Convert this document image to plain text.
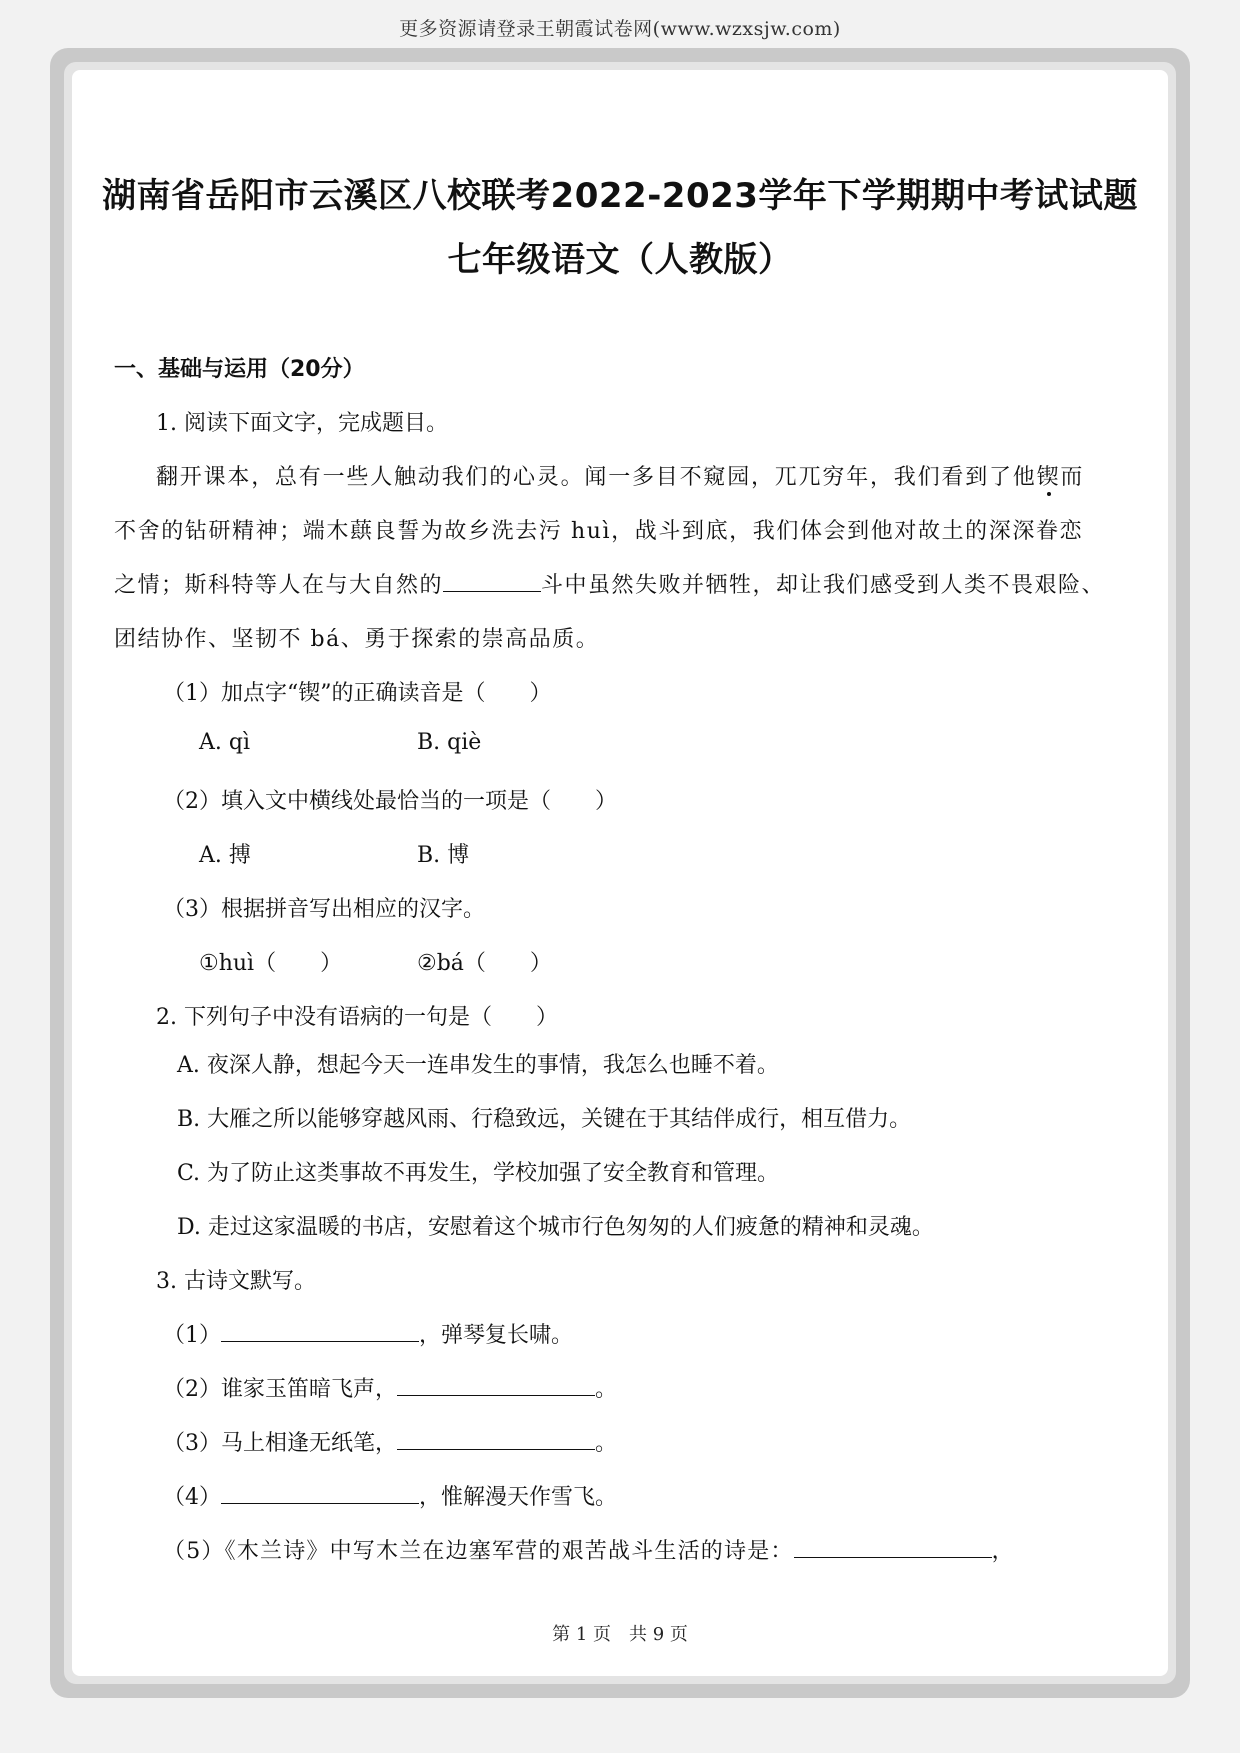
更多资源请登录王朝霞试卷网(www.wzxsjw.com)
湖南省岳阳市云溪区八校联考2022-2023学年下学期期中考试试题
七年级语文（人教版）
一、基础与运用（20分）
1. 阅读下面文字，完成题目。
翻开课本，总有一些人触动我们的心灵。闻一多目不窥园，兀兀穷年，我们看到了他锲而
不舍的钻研精神；端木蕻良誓为故乡洗去污 huì，战斗到底，我们体会到他对故土的深深眷恋
之情；斯科特等人在与大自然的	斗中虽然失败并牺牲，却让我们感受到人类不畏艰险、
团结协作、坚韧不 bá、勇于探索的崇高品质。
（1）加点字“锲”的正确读音是（　　）
A. qì	B. qiè
（2）填入文中横线处最恰当的一项是（　　）
A. 搏	B. 博
（3）根据拼音写出相应的汉字。
①huì（　　）	②bá（　　）
2. 下列句子中没有语病的一句是（　　）
A. 夜深人静，想起今天一连串发生的事情，我怎么也睡不着。
B. 大雁之所以能够穿越风雨、行稳致远，关键在于其结伴成行，相互借力。
C. 为了防止这类事故不再发生，学校加强了安全教育和管理。
D. 走过这家温暖的书店，安慰着这个城市行色匆匆的人们疲惫的精神和灵魂。
3. 古诗文默写。
（1）	，弹琴复长啸。
（2）谁家玉笛暗飞声，	。
（3）马上相逢无纸笔，	。
（4）	，惟解漫天作雪飞。
（5）《木兰诗》中写木兰在边塞军营的艰苦战斗生活的诗是：	，
第 1 页　共 9 页
